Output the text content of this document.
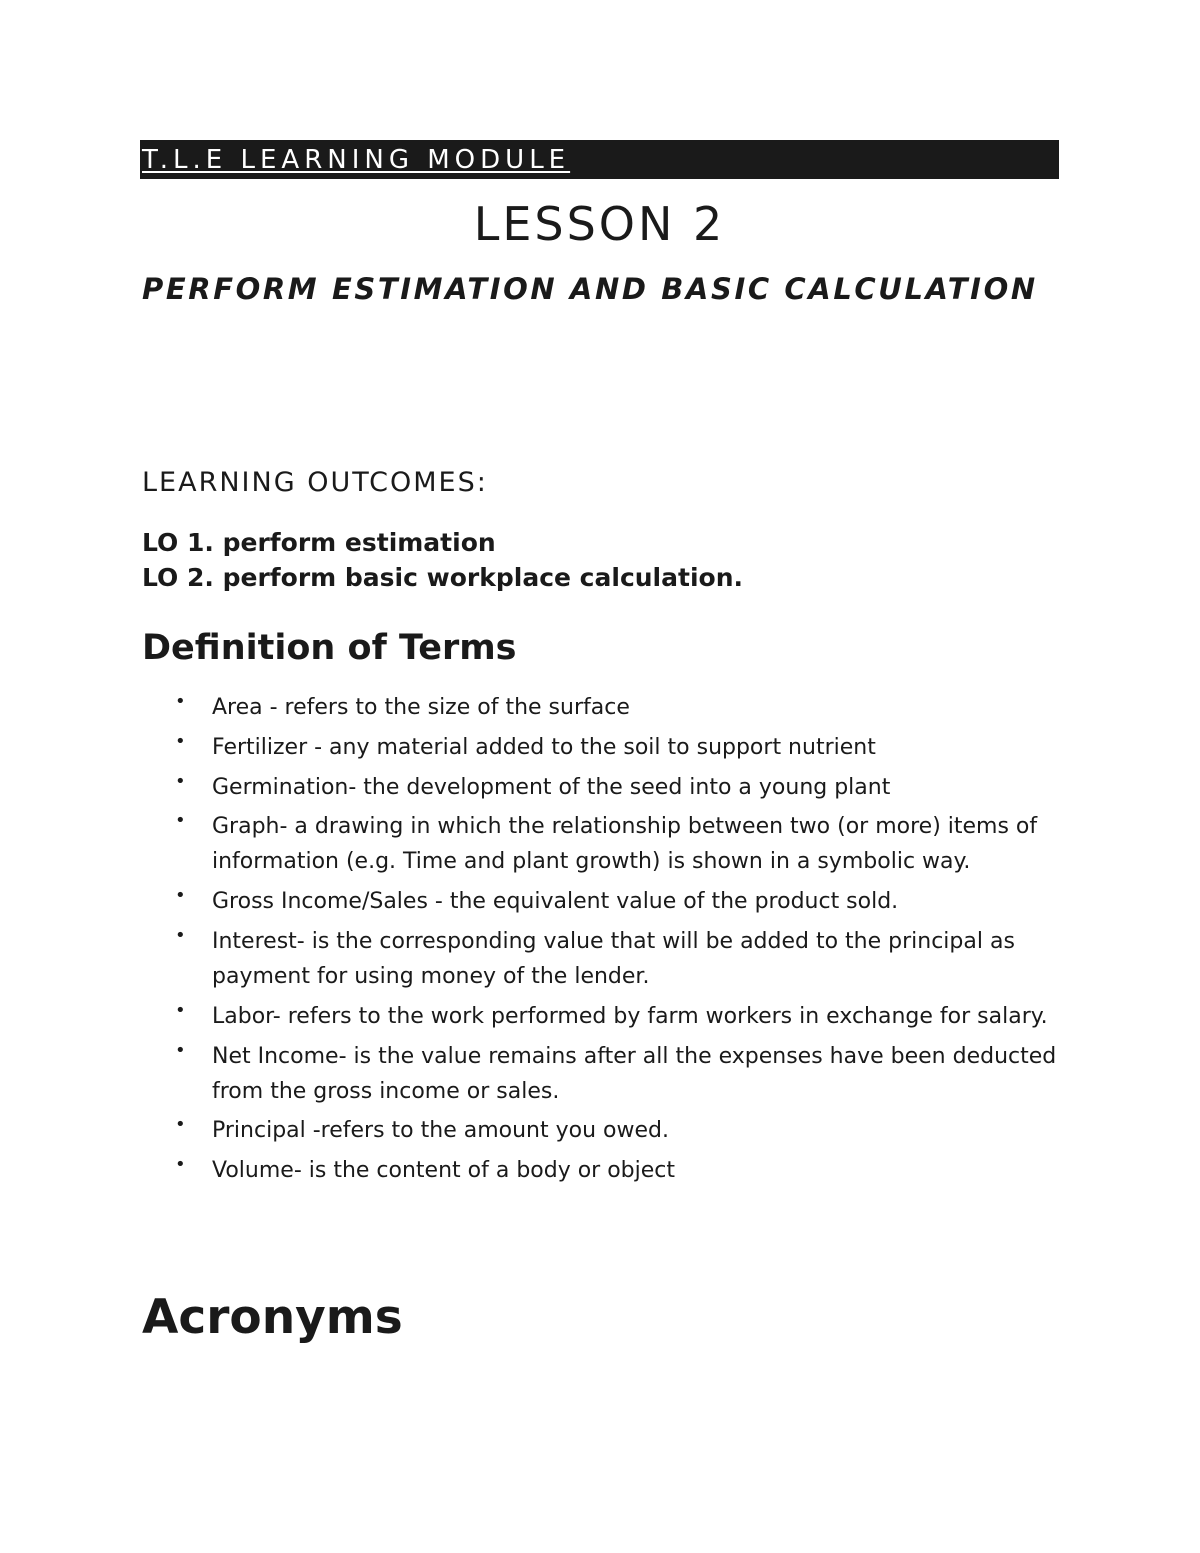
T.L.E LEARNING MODULE
LESSON 2
PERFORM ESTIMATION AND BASIC CALCULATION
LEARNING OUTCOMES:
LO 1. perform estimation
LO 2. perform basic workplace calculation.
Definition of Terms
• Area - refers to the size of the surface
• Fertilizer - any material added to the soil to support nutrient
• Germination- the development of the seed into a young plant
• Graph- a drawing in which the relationship between two (or more) items of information (e.g. Time and plant growth) is shown in a symbolic way.
• Gross Income/Sales - the equivalent value of the product sold.
• Interest- is the corresponding value that will be added to the principal as payment for using money of the lender.
• Labor- refers to the work performed by farm workers in exchange for salary.
• Net Income- is the value remains after all the expenses have been deducted from the gross income or sales.
• Principal -refers to the amount you owed.
• Volume- is the content of a body or object
Acronyms
